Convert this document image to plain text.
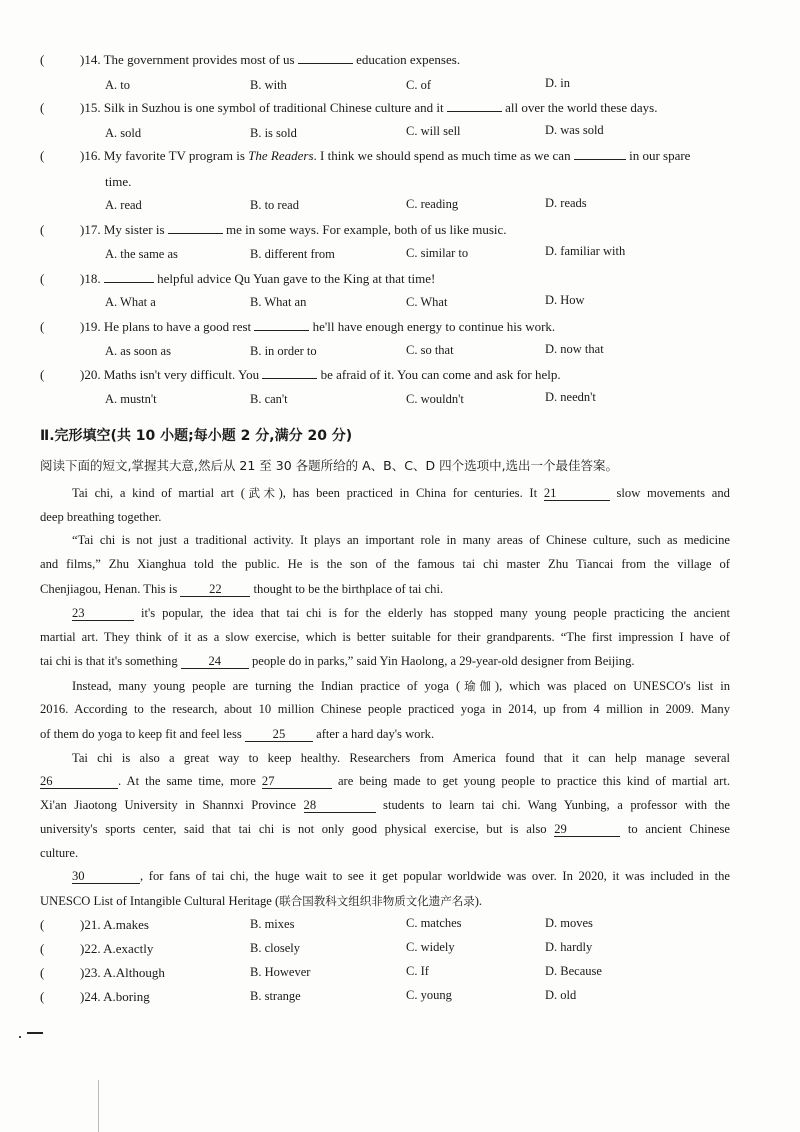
(	)14. The government provides most of us	education expenses.
A. to	B. with	C. of	D. in
(	)15. Silk in Suzhou is one symbol of traditional Chinese culture and it	all over the world these days.
A. sold	B. is sold	C. will sell	D. was sold
(	)16. My favorite TV program is The Readers. I think we should spend as much time as we can	in our spare
time.
A. read	B. to read	C. reading	D. reads
(	)17. My sister is	me in some ways. For example, both of us like music.
A. the same as	B. different from	C. similar to	D. familiar with
(	)18.	helpful advice Qu Yuan gave to the King at that time!
A. What a	B. What an	C. What	D. How
(	)19. He plans to have a good rest	he'll have enough energy to continue his work.
A. as soon as	B. in order to	C. so that	D. now that
(	)20. Maths isn't very difficult. You	be afraid of it. You can come and ask for help.
A. mustn't	B. can't	C. wouldn't	D. needn't
Ⅱ.完形填空(共 10 小题;每小题 2 分,满分 20 分)
阅读下面的短文,掌握其大意,然后从 21 至 30 各题所给的 A、B、C、D 四个选项中,选出一个最佳答案。
Tai chi, a kind of martial art (武术), has been practiced in China for centuries. It 21	slow movements and
deep breathing together.
“Tai chi is not just a traditional activity. It plays an important role in many areas of Chinese culture, such as medicine
and films,” Zhu Xianghua told the public. He is the son of the famous tai chi master Zhu Tiancai from the village of
Chenjiagou, Henan. This is	22	thought to be the birthplace of tai chi.
23	it's popular, the idea that tai chi is for the elderly has stopped many young people practicing the ancient
martial art. They think of it as a slow exercise, which is better suitable for their grandparents. “The first impression I have of
tai chi is that it's something 24 people do in parks,” said Yin Haolong, a 29-year-old designer from Beijing.
Instead, many young people are turning the Indian practice of yoga (瑜伽), which was placed on UNESCO's list in
2016. According to the research, about 10 million Chinese people practiced yoga in 2014, up from 4 million in 2009. Many
of them do yoga to keep fit and feel less 25 after a hard day's work.
Tai chi is also a great way to keep healthy. Researchers from America found that it can help manage several
26	. At the same time, more 27	are being made to get young people to practice this kind of martial art.
Xi'an Jiaotong University in Shannxi Province 28	students to learn tai chi. Wang Yunbing, a professor with the
university's sports center, said that tai chi is not only good physical exercise, but is also 29	to ancient Chinese
culture.
30	, for fans of tai chi, the huge wait to see it get popular worldwide was over. In 2020, it was included in the
UNESCO List of Intangible Cultural Heritage (联合国教科文组织非物质文化遗产名录).
(	)21. A.makes	B. mixes	C. matches	D. moves
(	)22. A.exactly	B. closely	C. widely	D. hardly
(	)23. A.Although	B. However	C. If	D. Because
(	)24. A.boring	B. strange	C. young	D. old
